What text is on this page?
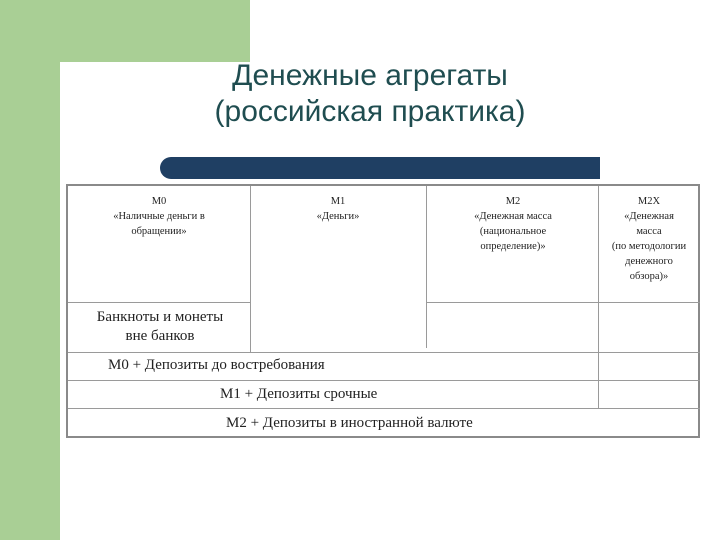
Денежные агрегаты
(российская практика)
М0
«Наличные деньги в
обращении»
М1
«Деньги»
М2
«Денежная масса
(национальное
определение)»
М2Х
«Денежная
масса
(по методологии
денежного
обзора)»
Банкноты и монеты
вне банков
М0 + Депозиты до востребования
М1 + Депозиты срочные
М2 + Депозиты в иностранной валюте
